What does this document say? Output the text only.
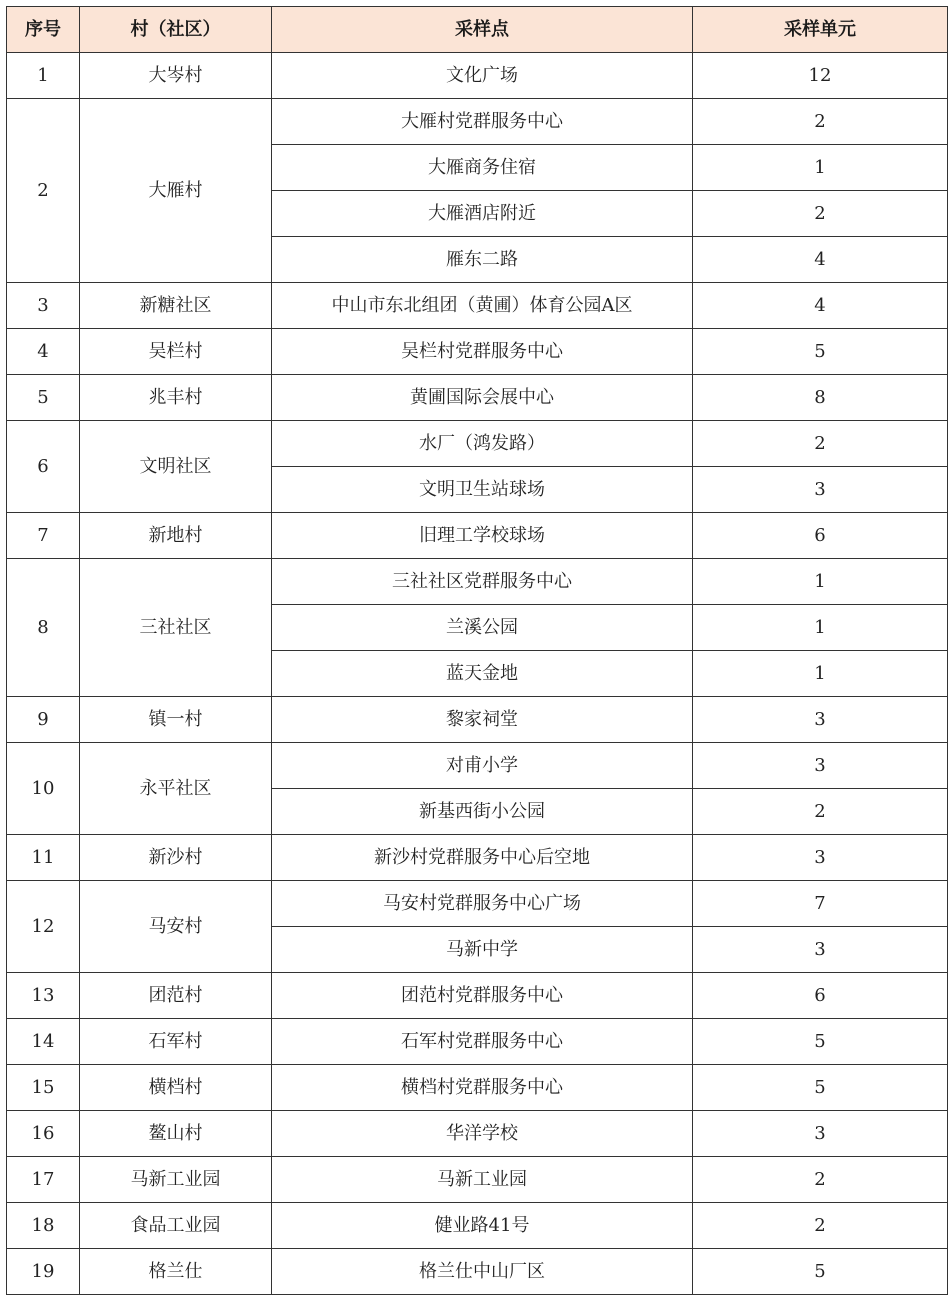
序号	村（社区）	采样点	采样单元
1	大岑村	文化广场	12
2	大雁村	大雁村党群服务中心	2
		大雁商务住宿	1
		大雁酒店附近	2
		雁东二路	4
3	新糖社区	中山市东北组团（黄圃）体育公园A区	4
4	吴栏村	吴栏村党群服务中心	5
5	兆丰村	黄圃国际会展中心	8
6	文明社区	水厂（鸿发路）	2
		文明卫生站球场	3
7	新地村	旧理工学校球场	6
8	三社社区	三社社区党群服务中心	1
		兰溪公园	1
		蓝天金地	1
9	镇一村	黎家祠堂	3
10	永平社区	对甫小学	3
		新基西街小公园	2
11	新沙村	新沙村党群服务中心后空地	3
12	马安村	马安村党群服务中心广场	7
		马新中学	3
13	团范村	团范村党群服务中心	6
14	石军村	石军村党群服务中心	5
15	横档村	横档村党群服务中心	5
16	鳌山村	华洋学校	3
17	马新工业园	马新工业园	2
18	食品工业园	健业路41号	2
19	格兰仕	格兰仕中山厂区	5
